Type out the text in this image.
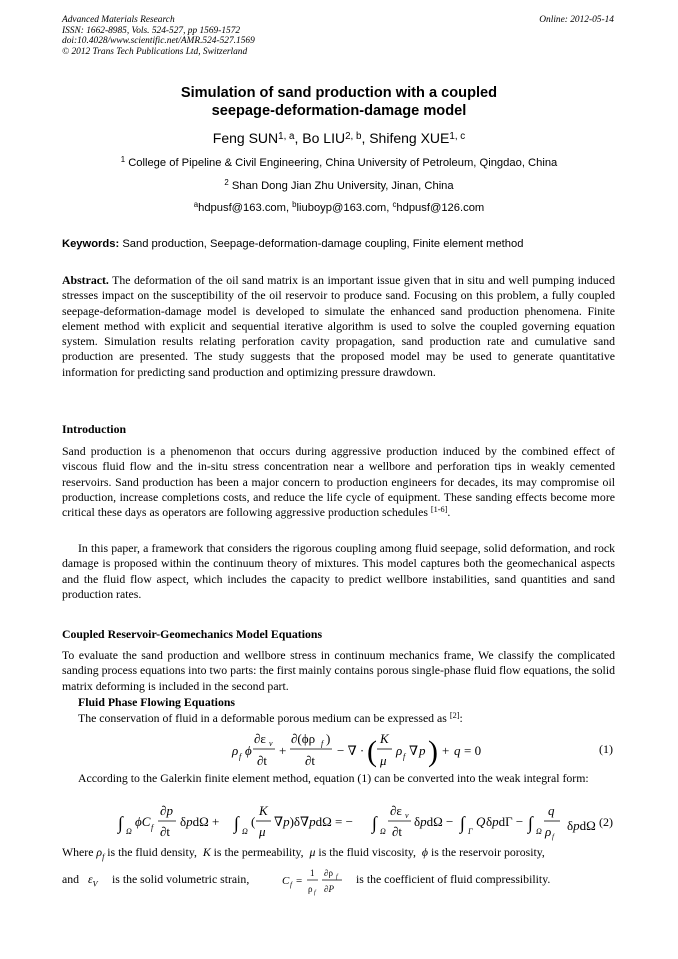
Advanced Materials Research
ISSN: 1662-8985, Vols. 524-527, pp 1569-1572
doi:10.4028/www.scientific.net/AMR.524-527.1569
© 2012 Trans Tech Publications Ltd, Switzerland
Online: 2012-05-14
Simulation of sand production with a coupled
seepage-deformation-damage model
Feng SUN$^{1, a}$, Bo LIU$^{2, b}$, Shifeng XUE$^{1, c}$
$^1$ College of Pipeline & Civil Engineering, China University of Petroleum, Qingdao, China
$^2$ Shan Dong Jian Zhu University, Jinan, China
$^a$hdpusf@163.com, $^b$liuboyp@163.com, $^c$hdpusf@126.com
Keywords: Sand production, Seepage-deformation-damage coupling, Finite element method
Abstract. The deformation of the oil sand matrix is an important issue given that in situ and well pumping induced stresses impact on the susceptibility of the oil reservoir to produce sand. Focusing on this problem, a fully coupled seepage-deformation-damage model is developed to simulate the enhanced sand production phenomena. Finite element method with explicit and sequential iterative algorithm is used to solve the coupled governing equation system. Simulation results relating perforation cavity propagation, sand production rate and cumulative sand production are presented. The study suggests that the proposed model may be used to generate quantitative information for predicting sand production and optimizing pressure drawdown.
Introduction
Sand production is a phenomenon that occurs during aggressive production induced by the combined effect of viscous fluid flow and the in-situ stress concentration near a wellbore and perforation tips in weakly cemented reservoirs. Sand production has been a major concern to production engineers for decades, its may compromise oil production, increase completions costs, and reduce the life cycle of equipment. These sanding effects become more critical these days as operators are following aggressive production schedules [1-6].
In this paper, a framework that considers the rigorous coupling among fluid seepage, solid deformation, and rock damage is proposed within the continuum theory of mixtures. This model captures both the geomechanical aspects and the fluid flow aspect, which includes the capacity to predict wellbore instabilities, sand quantities and sand production rates.
Coupled Reservoir-Geomechanics Model Equations
To evaluate the sand production and wellbore stress in continuum mechanics frame, We classify the complicated sanding process equations into two parts: the first mainly contains porous single-phase fluid flow equations, the solid matrix deforming is included in the second part.
Fluid Phase Flowing Equations
The conservation of fluid in a deformable porous medium can be expressed as [2]:
ρ f ϕ
∂ε v
∂t
+
∂(ϕρ f )
∂t
− ∇ · ( K
μ
ρ f ∇ p ) + q = 0	(1)
According to the Galerkin finite element method, equation (1) can be converted into the weak integral form:
∫ Ω
ϕC f
∂p
∂t
δpdΩ + ∫ Ω
(
K
μ
∇p)δ∇pdΩ = − ∫ Ω
∂ε v
∂t
δpdΩ − ∫ Γ
Q δpdΓ − ∫ Ω
q
ρ f
δpdΩ (2)
Where $\rho_f$ is the fluid density,  K is the permeability,  μ is the fluid viscosity,  ϕ is the reservoir porosity,
and $\varepsilon_V$ is the solid volumetric strain,	C f =
1
ρ f
∂ρ f
∂P
is the coefficient of fluid compressibility.
